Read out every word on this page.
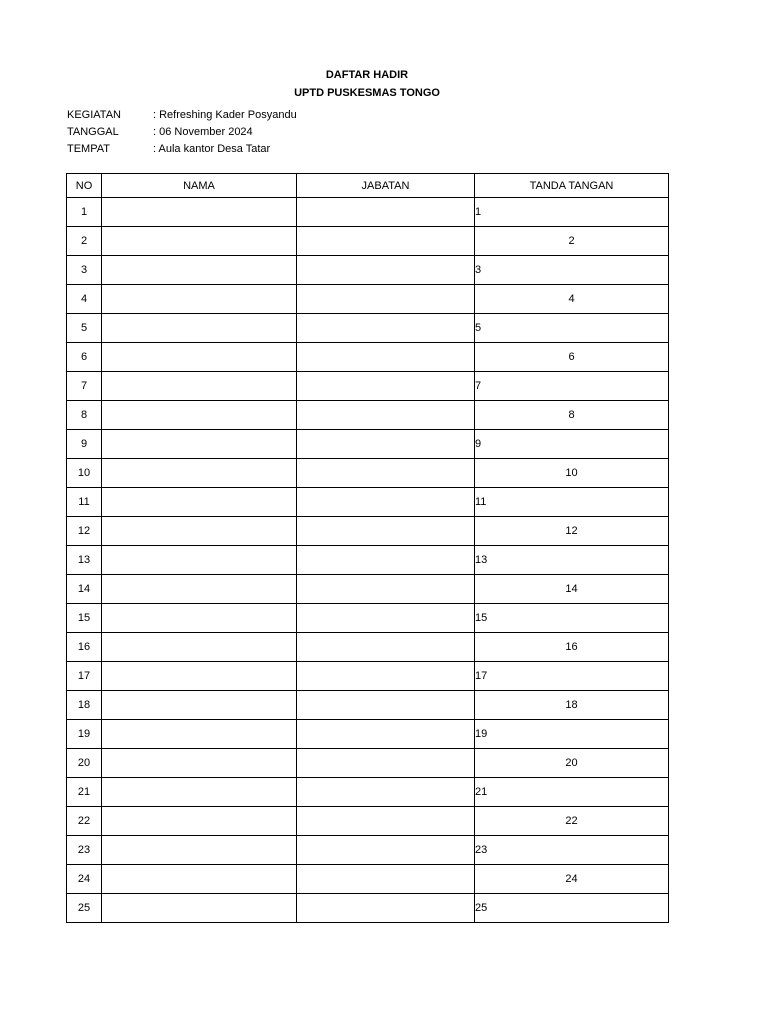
DAFTAR HADIR
UPTD PUSKESMAS TONGO
KEGIATAN	: Refreshing Kader Posyandu
TANGGAL	: 06 November 2024
TEMPAT	: Aula kantor Desa Tatar
NO	NAMA	JABATAN	TANDA TANGAN
1			1
2			2
3			3
4			4
5			5
6			6
7			7
8			8
9			9
10			10
11			11
12			12
13			13
14			14
15			15
16			16
17			17
18			18
19			19
20			20
21			21
22			22
23			23
24			24
25			25
